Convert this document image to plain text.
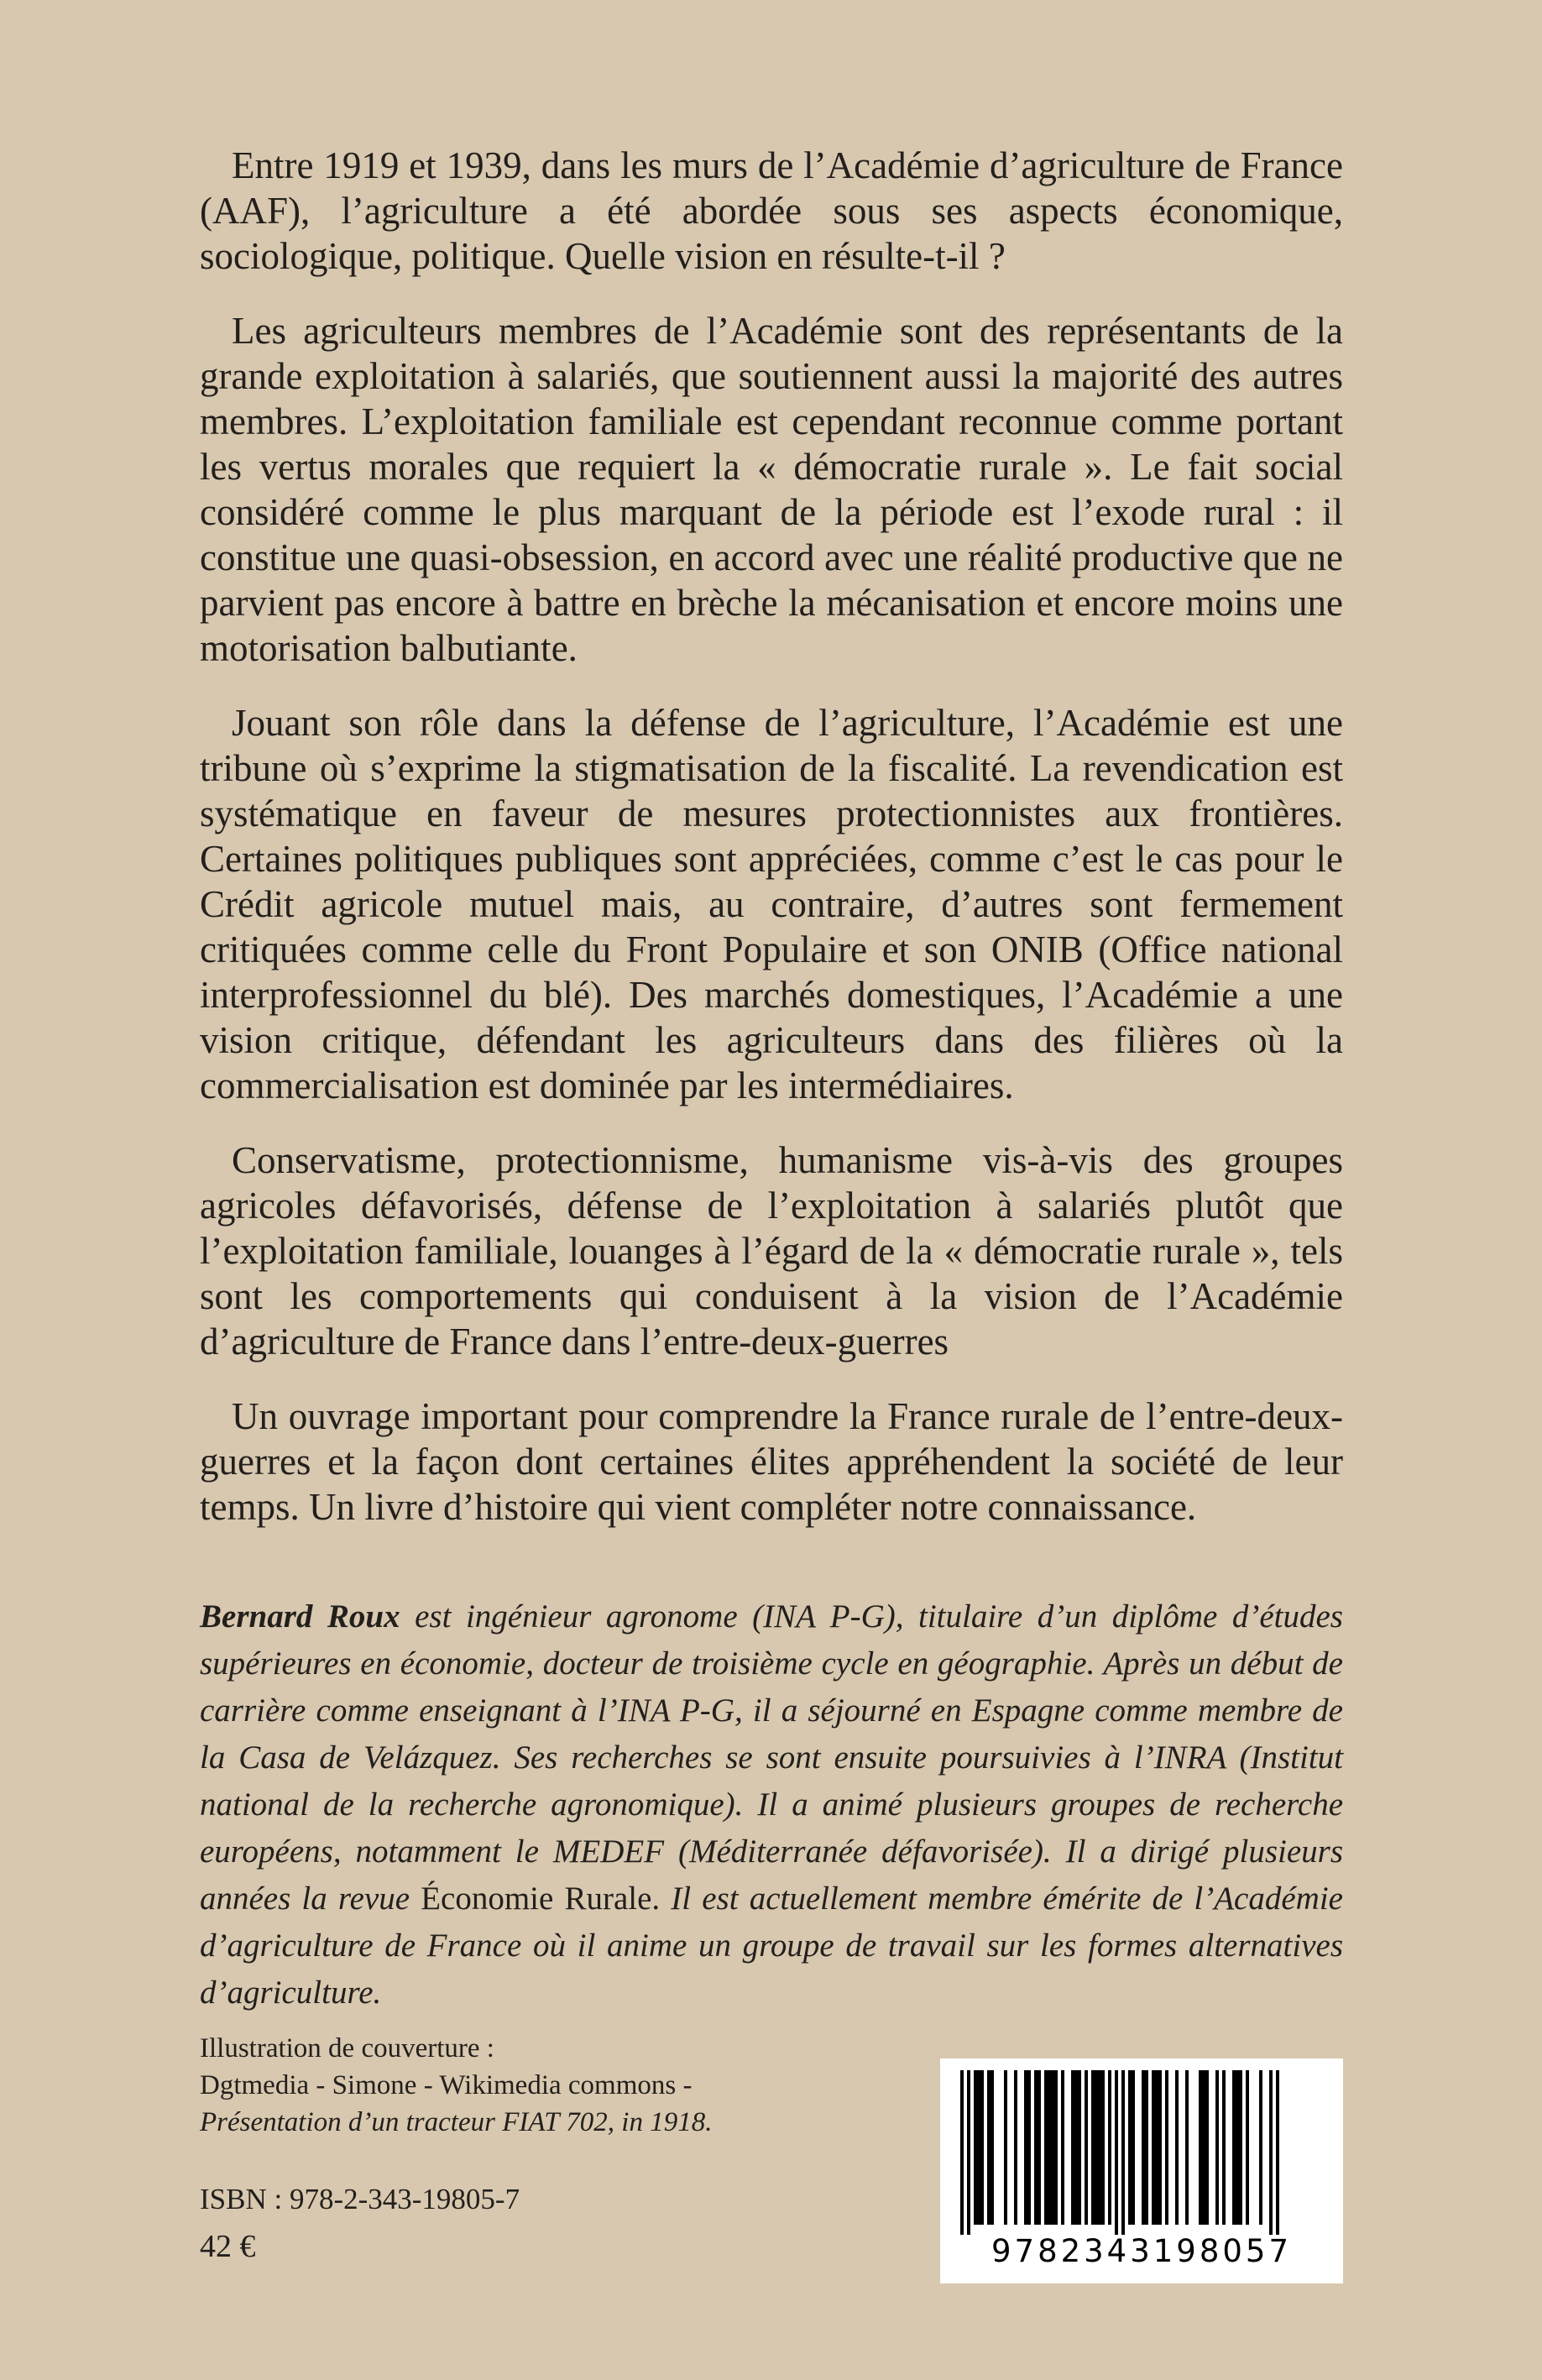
Entre 1919 et 1939, dans les murs de l’Académie d’agriculture de France (AAF), l’agriculture a été abordée sous ses aspects économique, sociologique, politique. Quelle vision en résulte-t-il ?

Les agriculteurs membres de l’Académie sont des représentants de la grande exploitation à salariés, que soutiennent aussi la majorité des autres membres. L’exploitation familiale est cependant reconnue comme portant les vertus morales que requiert la « démocratie rurale ». Le fait social considéré comme le plus marquant de la période est l’exode rural : il constitue une quasi-obsession, en accord avec une réalité productive que ne parvient pas encore à battre en brèche la mécanisation et encore moins une motorisation balbutiante.

Jouant son rôle dans la défense de l’agriculture, l’Académie est une tribune où s’exprime la stigmatisation de la fiscalité. La revendication est systématique en faveur de mesures protectionnistes aux frontières. Certaines politiques publiques sont appréciées, comme c’est le cas pour le Crédit agricole mutuel mais, au contraire, d’autres sont fermement critiquées comme celle du Front Populaire et son ONIB (Office national interprofessionnel du blé). Des marchés domestiques, l’Académie a une vision critique, défendant les agriculteurs dans des filières où la commercialisation est dominée par les intermédiaires.

Conservatisme, protectionnisme, humanisme vis-à-vis des groupes agricoles défavorisés, défense de l’exploitation à salariés plutôt que l’exploitation familiale, louanges à l’égard de la « démocratie rurale », tels sont les comportements qui conduisent à la vision de l’Académie d’agriculture de France dans l’entre-deux-guerres

Un ouvrage important pour comprendre la France rurale de l’entre-deux-guerres et la façon dont certaines élites appréhendent la société de leur temps. Un livre d’histoire qui vient compléter notre connaissance.

Bernard Roux est ingénieur agronome (INA P-G), titulaire d’un diplôme d’études supérieures en économie, docteur de troisième cycle en géographie. Après un début de carrière comme enseignant à l’INA P-G, il a séjourné en Espagne comme membre de la Casa de Velázquez. Ses recherches se sont ensuite poursuivies à l’INRA (Institut national de la recherche agronomique). Il a animé plusieurs groupes de recherche européens, notamment le MEDEF (Méditerranée défavorisée). Il a dirigé plusieurs années la revue Économie Rurale. Il est actuellement membre émérite de l’Académie d’agriculture de France où il anime un groupe de travail sur les formes alternatives d’agriculture.

Illustration de couverture :
Dgtmedia - Simone - Wikimedia commons -
Présentation d’un tracteur FIAT 702, in 1918.
ISBN : 978-2-343-19805-7
42 €	9782343198057
